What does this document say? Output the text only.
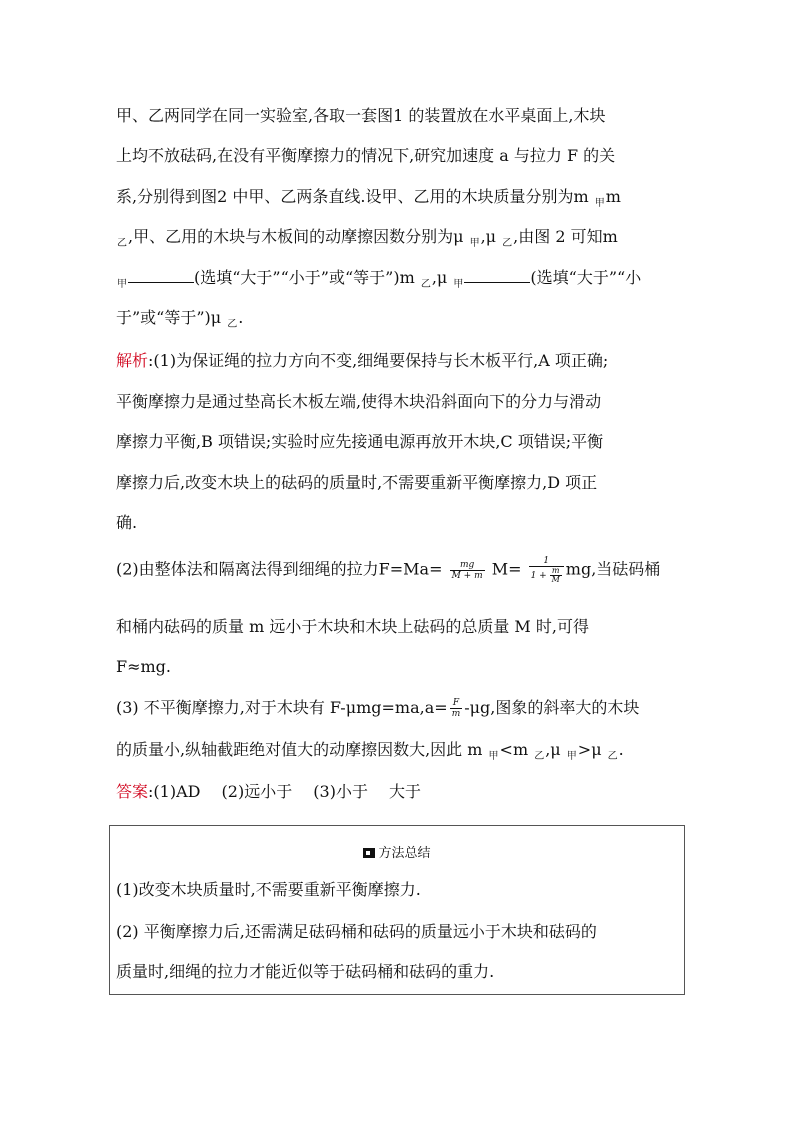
甲、乙两同学在同一实验室,各取一套图1 的装置放在水平桌面上,木块
上均不放砝码,在没有平衡摩擦力的情况下,研究加速度 a 与拉力 F 的关
系,分别得到图2 中甲、乙两条直线.设甲、乙用的木块质量分别为m $_甲$m
$_乙$,甲、乙用的木块与木板间的动摩擦因数分别为μ $_甲$,μ $_乙$,由图 2 可知m
$_甲$	(选填“大于”“小于”或“等于”)m $_乙$,μ $_甲$	(选填“大于”“小
于”或“等于”)μ $_乙$.
解析:(1)为保证绳的拉力方向不变,细绳要保持与长木板平行,A 项正确;
平衡摩擦力是通过垫高长木板左端,使得木块沿斜面向下的分力与滑动
摩擦力平衡,B 项错误;实验时应先接通电源再放开木块,C 项错误;平衡
摩擦力后,改变木块上的砝码的质量时,不需要重新平衡摩擦力,D 项正
确.
(2)由整体法和隔离法得到细绳的拉力$F=Ma= \frac{mg}{M + m} M= \frac{1}{1 + \frac{m}{M}}$ mg,当砝码桶
和桶内砝码的质量 m 远小于木块和木块上砝码的总质量 M 时,可得
F≈mg.
(3) 不平衡摩擦力,对于木块有 $F-\mu mg=ma,a= \frac{F}{m} -\mu g$,图象的斜率大的木块
的质量小,纵轴截距绝对值大的动摩擦因数大,因此 m $_甲$<m $_乙$,μ $_甲$>μ $_乙$.
答案:(1)AD　 (2)远小于　 (3)小于　 大于
方法总结
(1)改变木块质量时,不需要重新平衡摩擦力.
(2) 平衡摩擦力后,还需满足砝码桶和砝码的质量远小于木块和砝码的
质量时,细绳的拉力才能近似等于砝码桶和砝码的重力.
